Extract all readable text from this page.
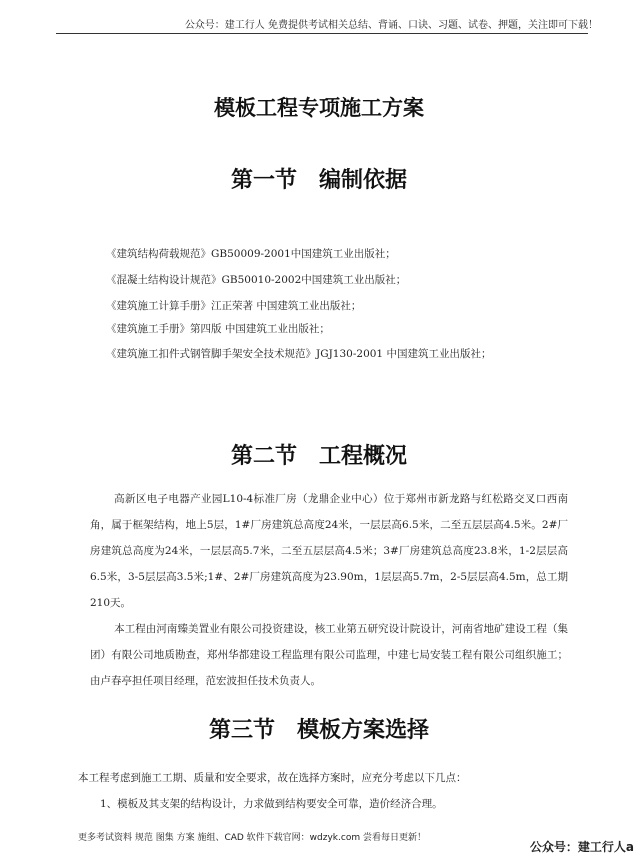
公众号：建工行人 免费提供考试相关总结、背诵、口诀、习题、试卷、押题，关注即可下载！
模板工程专项施工方案
第一节　编制依据
《建筑结构荷载规范》GB50009-2001中国建筑工业出版社；
《混凝土结构设计规范》GB50010-2002中国建筑工业出版社；
《建筑施工计算手册》江正荣著 中国建筑工业出版社；
《建筑施工手册》第四版 中国建筑工业出版社；
《建筑施工扣件式钢管脚手架安全技术规范》JGJ130-2001 中国建筑工业出版社；
第二节　工程概况

高新区电子电器产业园L10-4标准厂房（龙鼎企业中心）位于郑州市新龙路与红松路交叉口西南角，属于框架结构，地上5层，1#厂房建筑总高度24米，一层层高6.5米，二至五层层高4.5米。2#厂房建筑总高度为24米，一层层高5.7米，二至五层层高4.5米；3#厂房建筑总高度23.8米，1-2层层高6.5米，3-5层层高3.5米;1#、2#厂房建筑高度为23.90m，1层层高5.7m，2-5层层高4.5m，总工期210天。

本工程由河南臻美置业有限公司投资建设，核工业第五研究设计院设计，河南省地矿建设工程（集团）有限公司地质勘查，郑州华都建设工程监理有限公司监理，中建七局安装工程有限公司组织施工；由卢春亭担任项目经理，范宏波担任技术负责人。

第三节　模板方案选择
本工程考虑到施工工期、质量和安全要求，故在选择方案时，应充分考虑以下几点：
1、模板及其支架的结构设计，力求做到结构要安全可靠，造价经济合理。
更多考试资料 规范 图集 方案 施组、CAD 软件下载官网：wdzyk.com 尝看每日更新！
公众号：建工行人a
